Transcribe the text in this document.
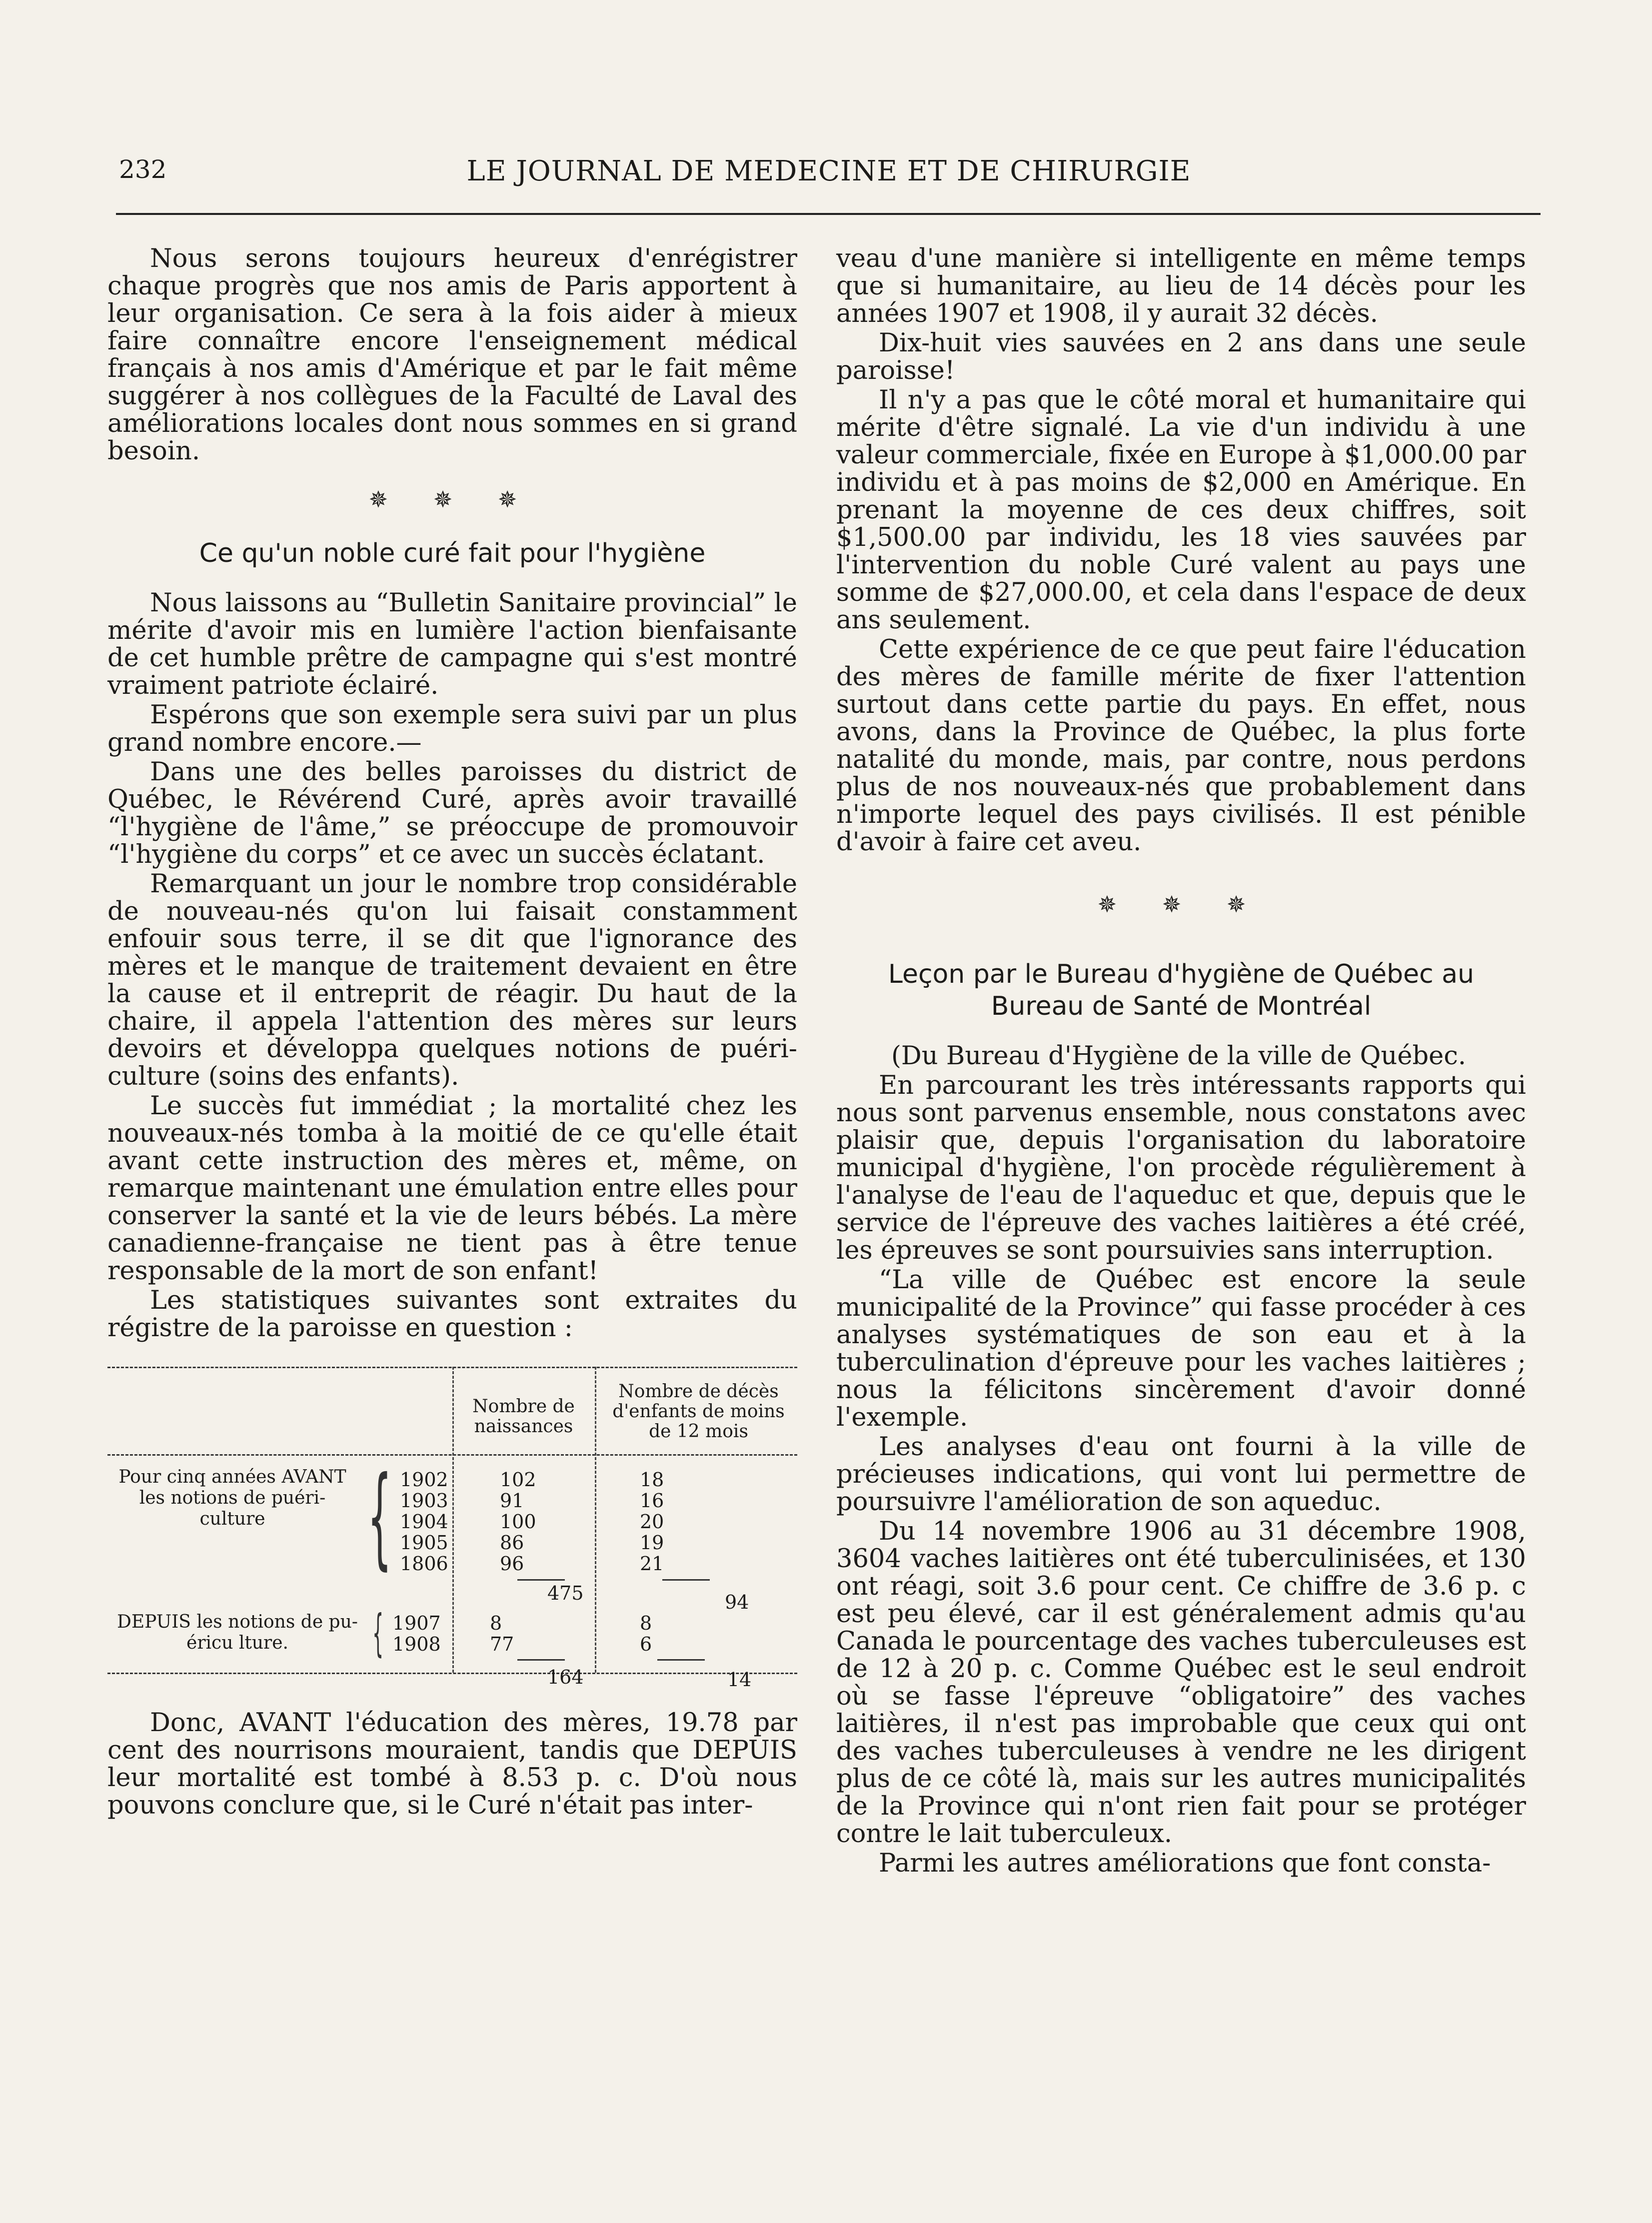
232	LE JOURNAL DE MEDECINE ET DE CHIRURGIE

Nous serons toujours heureux d'enrégistrer chaque progrès que nos amis de Paris apportent à leur organisation. Ce sera à la fois aider à mieux faire connaître encore l'enseignement médical français à nos amis d'Amérique et par le fait même suggérer à nos collègues de la Faculté de Laval des améliorations locales dont nous sommes en si grand besoin.

✵ ✵ ✵
Ce qu'un noble curé fait pour l'hygiène

Nous laissons au “Bulletin Sanitaire provincial” le mérite d'avoir mis en lumière l'action bienfaisante de cet humble prêtre de campagne qui s'est montré vraiment patriote éclairé.

Espérons que son exemple sera suivi par un plus grand nombre encore.—

Dans une des belles paroisses du district de Québec, le Révérend Curé, après avoir travaillé “l'hygiène de l'âme,” se préoccupe de promouvoir “l'hygiène du corps” et ce avec un succès éclatant.

Remarquant un jour le nombre trop considérable de nouveau-nés qu'on lui faisait constamment enfouir sous terre, il se dit que l'ignorance des mères et le manque de traitement devaient en être la cause et il entreprit de réagir. Du haut de la chaire, il appela l'attention des mères sur leurs devoirs et développa quelques notions de puéri-culture (soins des enfants).

Le succès fut immédiat ; la mortalité chez les nouveaux-nés tomba à la moitié de ce qu'elle était avant cette instruction des mères et, même, on remarque maintenant une émulation entre elles pour conserver la santé et la vie de leurs bébés. La mère canadienne-française ne tient pas à être tenue responsable de la mort de son enfant!

Les statistiques suivantes sont extraites du régistre de la paroisse en question :

Nombre de naissances
Nombre de décès d'enfants de moins de 12 mois
Pour cinq années AVANT les notions de puéri-culture { 1902	102	18
1903	91	16
1904	100	20
1905	86	19
1806	96	21
475	94
DEPUIS les notions de pu-éricu lture.	{ 1907	8	8
1908	77	6
164	14

Donc, AVANT l'éducation des mères, 19.78 par cent des nourrisons mouraient, tandis que DEPUIS leur mortalité est tombé à 8.53 p. c. D'où nous pouvons conclure que, si le Curé n'était pas inter-

veau d'une manière si intelligente en même temps que si humanitaire, au lieu de 14 décès pour les années 1907 et 1908, il y aurait 32 décès.

Dix-huit vies sauvées en 2 ans dans une seule paroisse!

Il n'y a pas que le côté moral et humanitaire qui mérite d'être signalé. La vie d'un individu à une valeur commerciale, fixée en Europe à $1,000.00 par individu et à pas moins de $2,000 en Amérique. En prenant la moyenne de ces deux chiffres, soit $1,500.00 par individu, les 18 vies sauvées par l'intervention du noble Curé valent au pays une somme de $27,000.00, et cela dans l'espace de deux ans seulement.

Cette expérience de ce que peut faire l'éducation des mères de famille mérite de fixer l'attention surtout dans cette partie du pays. En effet, nous avons, dans la Province de Québec, la plus forte natalité du monde, mais, par contre, nous perdons plus de nos nouveaux-nés que probablement dans n'importe lequel des pays civilisés. Il est pénible d'avoir à faire cet aveu.

✵ ✵ ✵
Leçon par le Bureau d'hygiène de Québec au
Bureau de Santé de Montréal

(Du Bureau d'Hygiène de la ville de Québec.

En parcourant les très intéressants rapports qui nous sont parvenus ensemble, nous constatons avec plaisir que, depuis l'organisation du laboratoire municipal d'hygiène, l'on procède régulièrement à l'analyse de l'eau de l'aqueduc et que, depuis que le service de l'épreuve des vaches laitières a été créé, les épreuves se sont poursuivies sans interruption.

“La ville de Québec est encore la seule municipalité de la Province” qui fasse procéder à ces analyses systématiques de son eau et à la tuberculination d'épreuve pour les vaches laitières ; nous la félicitons sincèrement d'avoir donné l'exemple.

Les analyses d'eau ont fourni à la ville de précieuses indications, qui vont lui permettre de poursuivre l'amélioration de son aqueduc.

Du 14 novembre 1906 au 31 décembre 1908, 3604 vaches laitières ont été tuberculinisées, et 130 ont réagi, soit 3.6 pour cent. Ce chiffre de 3.6 p. c est peu élevé, car il est généralement admis qu'au Canada le pourcentage des vaches tuberculeuses est de 12 à 20 p. c. Comme Québec est le seul endroit où se fasse l'épreuve “obligatoire” des vaches laitières, il n'est pas improbable que ceux qui ont des vaches tuberculeuses à vendre ne les dirigent plus de ce côté là, mais sur les autres municipalités de la Province qui n'ont rien fait pour se protéger contre le lait tuberculeux.

Parmi les autres améliorations que font consta-
